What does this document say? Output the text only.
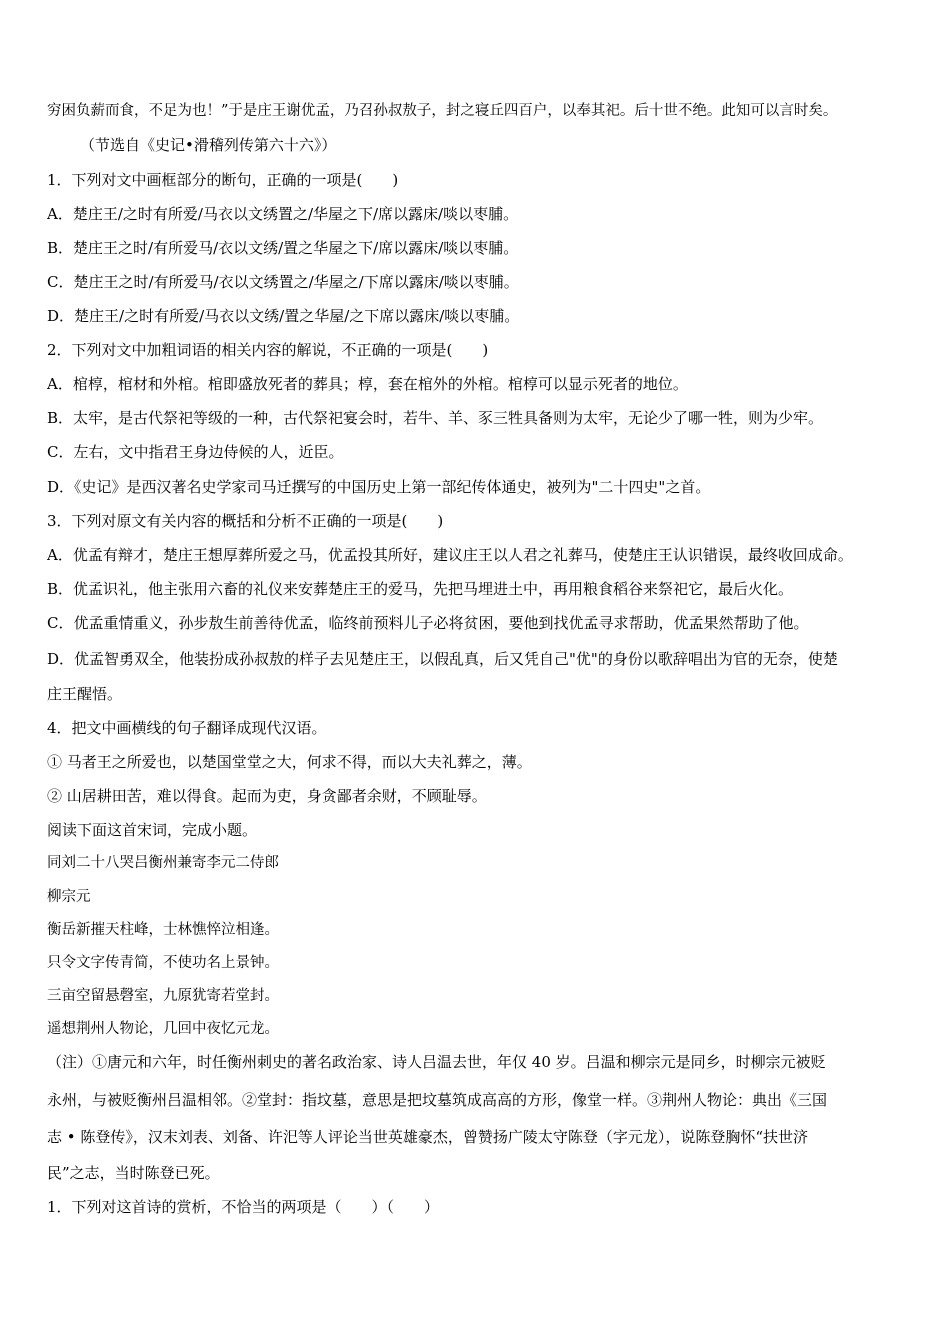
穷困负薪而食，不足为也！”于是庄王谢优孟，乃召孙叔敖子，封之寝丘四百户，以奉其祀。后十世不绝。此知可以言时矣。
（节选自《史记•滑稽列传第六十六》）
1．下列对文中画框部分的断句，正确的一项是(　　)
A．楚庄王/之时有所爱/马衣以文绣置之/华屋之下/席以露床/啖以枣脯。
B．楚庄王之时/有所爱马/衣以文绣/置之华屋之下/席以露床/啖以枣脯。
C．楚庄王之时/有所爱马/衣以文绣置之/华屋之/下席以露床/啖以枣脯。
D．楚庄王/之时有所爱/马衣以文绣/置之华屋/之下席以露床/啖以枣脯。
2．下列对文中加粗词语的相关内容的解说，不正确的一项是(　　)
A．棺椁，棺材和外棺。棺即盛放死者的葬具；椁，套在棺外的外棺。棺椁可以显示死者的地位。
B．太牢，是古代祭祀等级的一种，古代祭祀宴会时，若牛、羊、豕三牲具备则为太牢，无论少了哪一牲，则为少牢。
C．左右，文中指君王身边侍候的人，近臣。
D．《史记》是西汉著名史学家司马迁撰写的中国历史上第一部纪传体通史，被列为"二十四史"之首。
3．下列对原文有关内容的概括和分析不正确的一项是(　　)
A．优孟有辩才，楚庄王想厚葬所爱之马，优孟投其所好，建议庄王以人君之礼葬马，使楚庄王认识错误，最终收回成命。
B．优孟识礼，他主张用六畜的礼仪来安葬楚庄王的爱马，先把马埋进土中，再用粮食稻谷来祭祀它，最后火化。
C．优孟重情重义，孙步敖生前善待优孟，临终前预料儿子必将贫困，要他到找优孟寻求帮助，优孟果然帮助了他。
D．优孟智勇双全，他装扮成孙叔敖的样子去见楚庄王，以假乱真，后又凭自己"优"的身份以歌辞唱出为官的无奈，使楚
庄王醒悟。
4．把文中画横线的句子翻译成现代汉语。
① 马者王之所爱也，以楚国堂堂之大，何求不得，而以大夫礼葬之，薄。
② 山居耕田苦，难以得食。起而为吏，身贪鄙者余财，不顾耻辱。
阅读下面这首宋词，完成小题。
同刘二十八哭吕衡州兼寄李元二侍郎
柳宗元
衡岳新摧天柱峰，士林憔悴泣相逢。
只令文字传青简，不使功名上景钟。
三亩空留悬磬室，九原犹寄若堂封。
遥想荆州人物论，几回中夜忆元龙。
（注）①唐元和六年，时任衡州刺史的著名政治家、诗人吕温去世，年仅 40 岁。吕温和柳宗元是同乡，时柳宗元被贬
永州，与被贬衡州吕温相邻。②堂封：指坟墓，意思是把坟墓筑成高高的方形，像堂一样。③荆州人物论：典出《三国
志 • 陈登传》，汉末刘表、刘备、许汜等人评论当世英雄豪杰，曾赞扬广陵太守陈登（字元龙），说陈登胸怀“扶世济
民”之志，当时陈登已死。
1．下列对这首诗的赏析，不恰当的两项是（　　）（　　）
